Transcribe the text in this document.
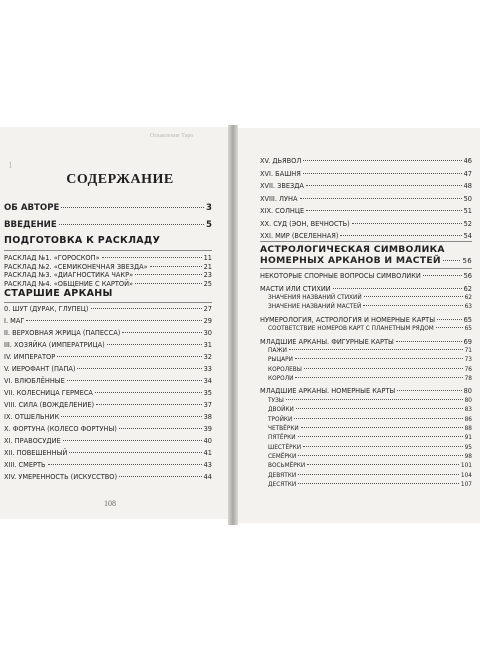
Оглавление Таро
1
СОДЕРЖАНИЕ
ОБ АВТОРЕ	3
ВВЕДЕНИЕ	5
ПОДГОТОВКА К РАСКЛАДУ
РАСКЛАД №1. «ГОРОСКОП»	11
РАСКЛАД №2. «СЕМИКОНЕЧНАЯ ЗВЕЗДА»	21
РАСКЛАД №3. «ДИАГНОСТИКА ЧАКР»	23
РАСКЛАД №4. «ОБЩЕНИЕ С КАРТОЙ»	25
СТАРШИЕ АРКАНЫ
0. ШУТ (ДУРАК, ГЛУПЕЦ)	27
I. МАГ	29
II. ВЕРХОВНАЯ ЖРИЦА (ПАПЕССА)	30
III. ХОЗЯЙКА (ИМПЕРАТРИЦА)	31
IV. ИМПЕРАТОР	32
V. ИЕРОФАНТ (ПАПА)	33
VI. ВЛЮБЛЁННЫЕ	34
VII. КОЛЕСНИЦА ГЕРМЕСА	35
VIII. СИЛА (ВОЖДЕЛЕНИЕ)	37
IX. ОТШЕЛЬНИК	38
X. ФОРТУНА (КОЛЕСО ФОРТУНЫ)	39
XI. ПРАВОСУДИЕ	40
XII. ПОВЕШЕННЫЙ	41
XIII. СМЕРТЬ	43
XIV. УМЕРЕННОСТЬ (ИСКУССТВО)	44
108
XV. ДЬЯВОЛ	46
XVI. БАШНЯ	47
XVII. ЗВЕЗДА	48
XVIII. ЛУНА	50
XIX. СОЛНЦЕ	51
XX. СУД (ЭОН, ВЕЧНОСТЬ)	52
XXI. МИР (ВСЕЛЕННАЯ)	54
АСТРОЛОГИЧЕСКАЯ СИМВОЛИКА
НОМЕРНЫХ АРКАНОВ И МАСТЕЙ	56
НЕКОТОРЫЕ СПОРНЫЕ ВОПРОСЫ СИМВОЛИКИ	56
МАСТИ ИЛИ СТИХИИ	62
ЗНАЧЕНИЯ НАЗВАНИЙ СТИХИЙ	62
ЗНАЧЕНИЕ НАЗВАНИЙ МАСТЕЙ	63
НУМЕРОЛОГИЯ, АСТРОЛОГИЯ И НОМЕРНЫЕ КАРТЫ	65
СООТВЕТСТВИЕ НОМЕРОВ КАРТ С ПЛАНЕТНЫМ РЯДОМ	65
МЛАДШИЕ АРКАНЫ. ФИГУРНЫЕ КАРТЫ	69
ПАЖИ	71
РЫЦАРИ	73
КОРОЛЕВЫ	76
КОРОЛИ	78
МЛАДШИЕ АРКАНЫ. НОМЕРНЫЕ КАРТЫ	80
ТУЗЫ	80
ДВОЙКИ	83
ТРОЙКИ	86
ЧЕТВЁРКИ	88
ПЯТЁРКИ	91
ШЕСТЁРКИ	95
СЕМЁРКИ	98
ВОСЬМЁРКИ	101
ДЕВЯТКИ	104
ДЕСЯТКИ	107
